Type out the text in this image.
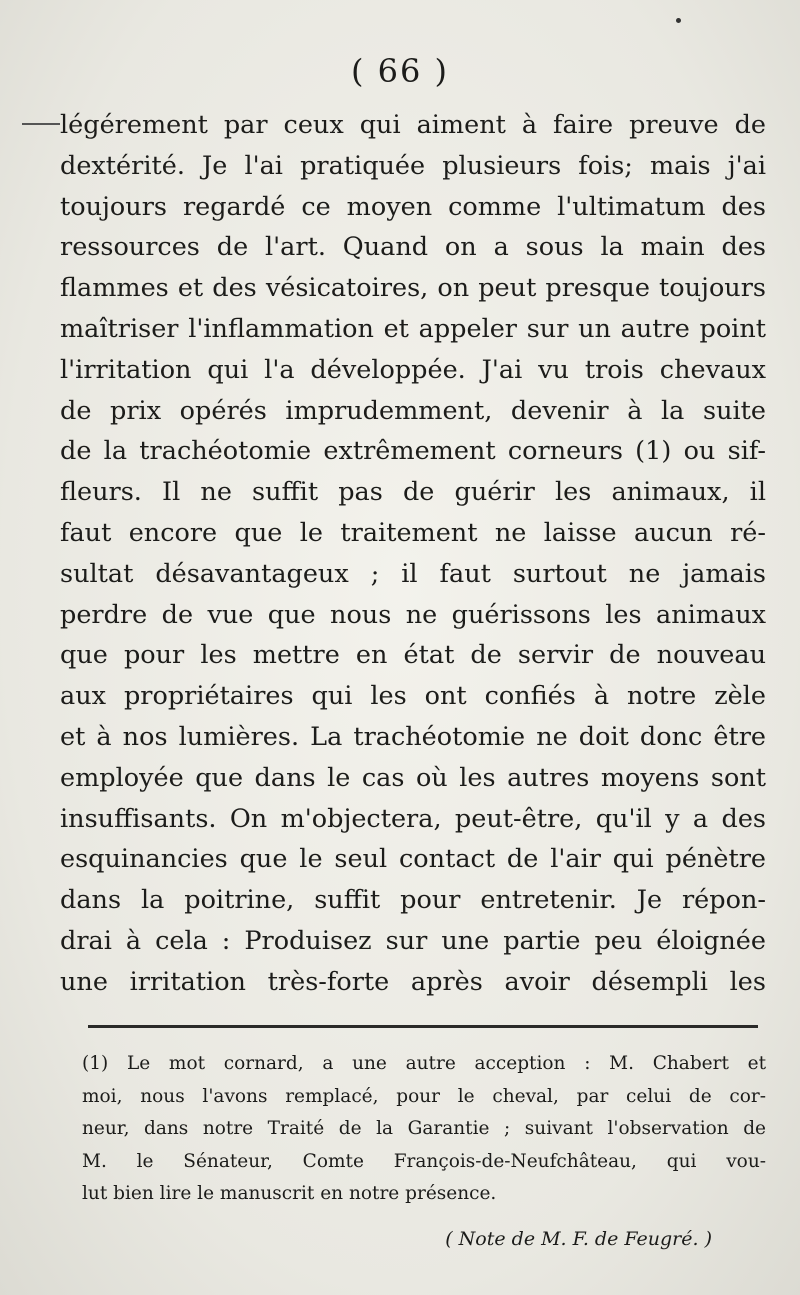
( 66 )

légérement par ceux qui aiment à faire preuve de
dextérité. Je l'ai pratiquée plusieurs fois; mais j'ai
toujours regardé ce moyen comme l'ultimatum des
ressources de l'art. Quand on a sous la main des
flammes et des vésicatoires, on peut presque toujours
maîtriser l'inflammation et appeler sur un autre point
l'irritation qui l'a développée. J'ai vu trois chevaux
de prix opérés imprudemment, devenir à la suite
de la trachéotomie extrêmement corneurs (1) ou sif-
fleurs. Il ne suffit pas de guérir les animaux, il
faut encore que le traitement ne laisse aucun ré-
sultat désavantageux ; il faut surtout ne jamais
perdre de vue que nous ne guérissons les animaux
que pour les mettre en état de servir de nouveau
aux propriétaires qui les ont confiés à notre zèle
et à nos lumières. La trachéotomie ne doit donc être
employée que dans le cas où les autres moyens sont
insuffisants. On m'objectera, peut-être, qu'il y a des
esquinancies que le seul contact de l'air qui pénètre
dans la poitrine, suffit pour entretenir. Je répon-
drai à cela : Produisez sur une partie peu éloignée
une irritation très-forte après avoir désempli les

(1) Le mot cornard, a une autre acception : M. Chabert et
moi, nous l'avons remplacé, pour le cheval, par celui de cor-
neur, dans notre Traité de la Garantie ; suivant l'observation de
M. le Sénateur, Comte François-de-Neufchâteau, qui vou-
lut bien lire le manuscrit en notre présence.

( Note de M. F. de Feugré. )
